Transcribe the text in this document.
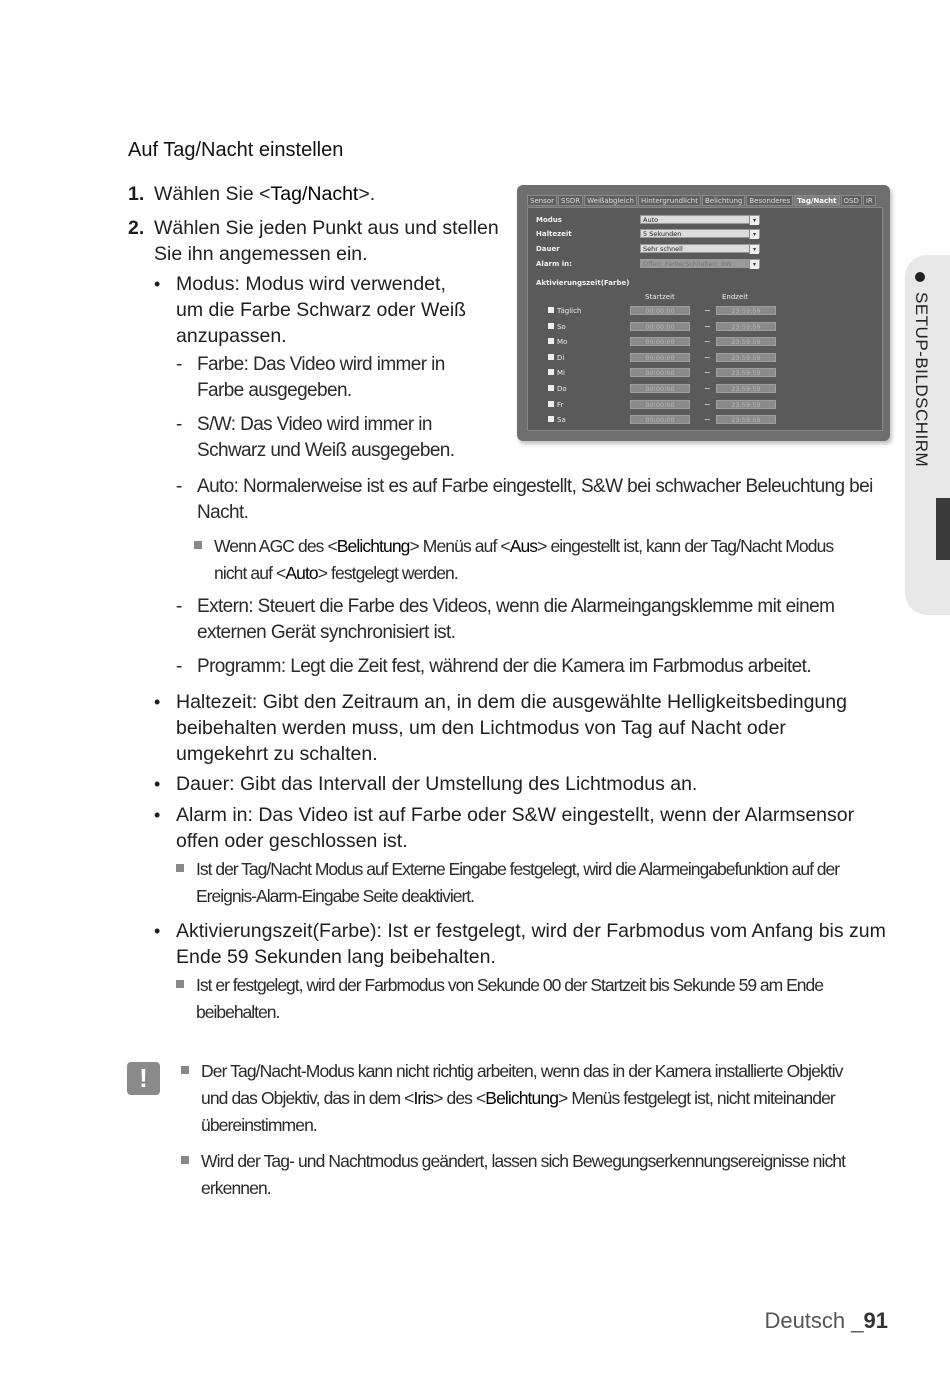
Auf Tag/Nacht einstellen
1. Wählen Sie <Tag/Nacht>.
2. Wählen Sie jeden Punkt aus und stellen
Sie ihn angemessen ein.
• Modus: Modus wird verwendet,
um die Farbe Schwarz oder Weiß
anzupassen.
- Farbe: Das Video wird immer in
Farbe ausgegeben.
- S/W: Das Video wird immer in
Schwarz und Weiß ausgegeben.
- Auto: Normalerweise ist es auf Farbe eingestellt, S&W bei schwacher Beleuchtung bei
Nacht.
Wenn AGC des <Belichtung> Menüs auf <Aus> eingestellt ist, kann der Tag/Nacht Modus
nicht auf <Auto> festgelegt werden.
- Extern: Steuert die Farbe des Videos, wenn die Alarmeingangsklemme mit einem
externen Gerät synchronisiert ist.
- Programm: Legt die Zeit fest, während der die Kamera im Farbmodus arbeitet.
• Haltezeit: Gibt den Zeitraum an, in dem die ausgewählte Helligkeitsbedingung
beibehalten werden muss, um den Lichtmodus von Tag auf Nacht oder
umgekehrt zu schalten.
• Dauer: Gibt das Intervall der Umstellung des Lichtmodus an.
• Alarm in: Das Video ist auf Farbe oder S&W eingestellt, wenn der Alarmsensor
offen oder geschlossen ist.
Ist der Tag/Nacht Modus auf Externe Eingabe festgelegt, wird die Alarmeingabefunktion auf der
Ereignis-Alarm-Eingabe Seite deaktiviert.
• Aktivierungszeit(Farbe): Ist er festgelegt, wird der Farbmodus vom Anfang bis zum
Ende 59 Sekunden lang beibehalten.
Ist er festgelegt, wird der Farbmodus von Sekunde 00 der Startzeit bis Sekunde 59 am Ende
beibehalten.
!	Der Tag/Nacht-Modus kann nicht richtig arbeiten, wenn das in der Kamera installierte Objektiv
und das Objektiv, das in dem <Iris> des <Belichtung> Menüs festgelegt ist, nicht miteinander
übereinstimmen.
Wird der Tag- und Nachtmodus geändert, lassen sich Bewegungserkennungsereignisse nicht
erkennen.
SETUP-BILDSCHIRM
Deutsch _91
Sensor	SSDR	Weißabgleich	Hintergrundlicht	Belichtung	Besonderes	Tag/Nacht	OSD	IR
Modus	Auto	▾
Haltezeit	5 Sekunden	▾
Dauer	Sehr schnell	▾
Alarm in:	Offen: Farbe/Schließen: BW	▾
Aktivierungszeit(Farbe)
Startzeit	Endzeit
Täglich	00:00:00	~	23:59:59
So	00:00:00	~	23:59:59
Mo	00:00:00	~	23:59:59
Di	00:00:00	~	23:59:59
Mi	00:00:00	~	23:59:59
Do	00:00:00	~	23:59:59
Fr	00:00:00	~	23:59:59
Sa	00:00:00	~	23:59:59
